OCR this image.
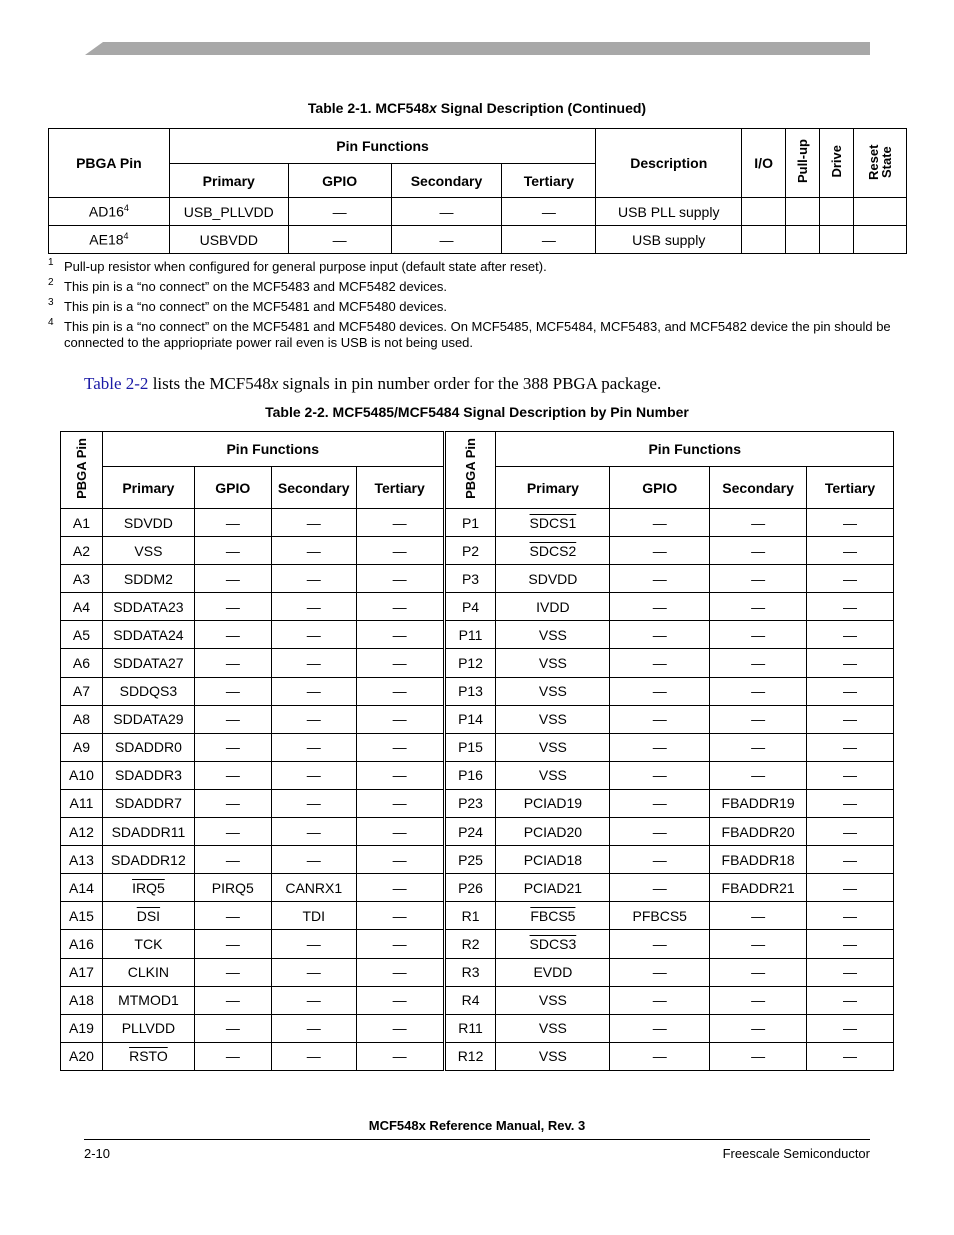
Table 2-1. MCF548x Signal Description (Continued)
PBGA Pin	Pin Functions				Description	I/O	Pull-up	Drive	Reset State
	Primary	GPIO	Secondary	Tertiary					
$AD16^4$	USB_PLLVDD	—	—	—	USB PLL supply				
$AE18^4$	USBVDD	—	—	—	USB supply				
1 Pull-up resistor when configured for general purpose input (default state after reset).
2 This pin is a “no connect” on the MCF5483 and MCF5482 devices.
3 This pin is a “no connect” on the MCF5481 and MCF5480 devices.
4 This pin is a “no connect” on the MCF5481 and MCF5480 devices. On MCF5485, MCF5484, MCF5483, and MCF5482 device the pin should be connected to the appriopriate power rail even is USB is not being used.
Table 2-2 lists the MCF548x signals in pin number order for the 388 PBGA package.
Table 2-2. MCF5485/MCF5484 Signal Description by Pin Number
PBGA Pin	Pin Functions				PBGA Pin	Pin Functions			
	Primary	GPIO	Secondary	Tertiary		Primary	GPIO	Secondary	Tertiary
A1	SDVDD	—	—	—	P1	SDCS1	—	—	—
A2	VSS	—	—	—	P2	SDCS2	—	—	—
A3	SDDM2	—	—	—	P3	SDVDD	—	—	—
A4	SDDATA23	—	—	—	P4	IVDD	—	—	—
A5	SDDATA24	—	—	—	P11	VSS	—	—	—
A6	SDDATA27	—	—	—	P12	VSS	—	—	—
A7	SDDQS3	—	—	—	P13	VSS	—	—	—
A8	SDDATA29	—	—	—	P14	VSS	—	—	—
A9	SDADDR0	—	—	—	P15	VSS	—	—	—
A10	SDADDR3	—	—	—	P16	VSS	—	—	—
A11	SDADDR7	—	—	—	P23	PCIAD19	—	FBADDR19	—
A12	SDADDR11	—	—	—	P24	PCIAD20	—	FBADDR20	—
A13	SDADDR12	—	—	—	P25	PCIAD18	—	FBADDR18	—
A14	IRQ5	PIRQ5	CANRX1	—	P26	PCIAD21	—	FBADDR21	—
A15	$\overline{DSI}$	—	TDI	—	R1	FBCS5	PFBCS5	—	—
A16	TCK	—	—	—	R2	SDCS3	—	—	—
A17	CLKIN	—	—	—	R3	EVDD	—	—	—
A18	MTMOD1	—	—	—	R4	VSS	—	—	—
A19	PLLVDD	—	—	—	R11	VSS	—	—	—
A20	RSTO	—	—	—	R12	VSS	—	—	—
MCF548x Reference Manual, Rev. 3
2-10	Freescale Semiconductor
